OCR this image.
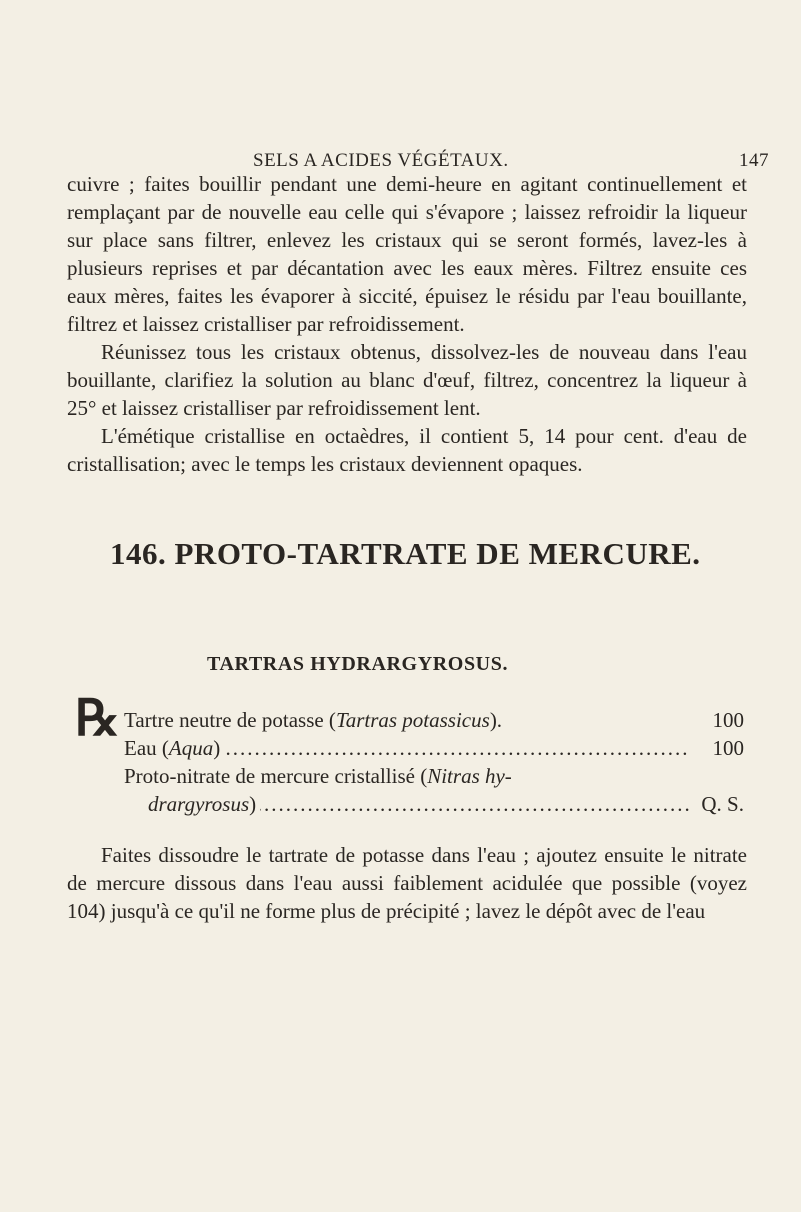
SELS A ACIDES VÉGÉTAUX.	147

cuivre ; faites bouillir pendant une demi-heure en agitant continuellement et remplaçant par de nouvelle eau celle qui s'évapore ; laissez refroidir la liqueur sur place sans filtrer, enlevez les cristaux qui se seront formés, lavez-les à plusieurs reprises et par décantation avec les eaux mères. Filtrez ensuite ces eaux mères, faites les évaporer à siccité, épuisez le résidu par l'eau bouillante, filtrez et laissez cristalliser par refroidissement.

Réunissez tous les cristaux obtenus, dissolvez-les de nouveau dans l'eau bouillante, clarifiez la solution au blanc d'œuf, filtrez, concentrez la liqueur à 25° et laissez cristalliser par refroidissement lent.

L'émétique cristallise en octaèdres, il contient 5, 14 pour cent. d'eau de cristallisation; avec le temps les cristaux deviennent opaques.

146. PROTO-TARTRATE DE MERCURE.
TARTRAS HYDRARGYROSUS.
℞ Tartre neutre de potasse (Tartras potassicus).	100
.....
Eau (Aqua)	100
Proto-nitrate de mercure cristallisé (Nitras hy-
.....
drargyrosus)	Q. S.

Faites dissoudre le tartrate de potasse dans l'eau ; ajoutez ensuite le nitrate de mercure dissous dans l'eau aussi faiblement acidulée que possible (voyez 104) jusqu'à ce qu'il ne forme plus de précipité ; lavez le dépôt avec de l'eau
